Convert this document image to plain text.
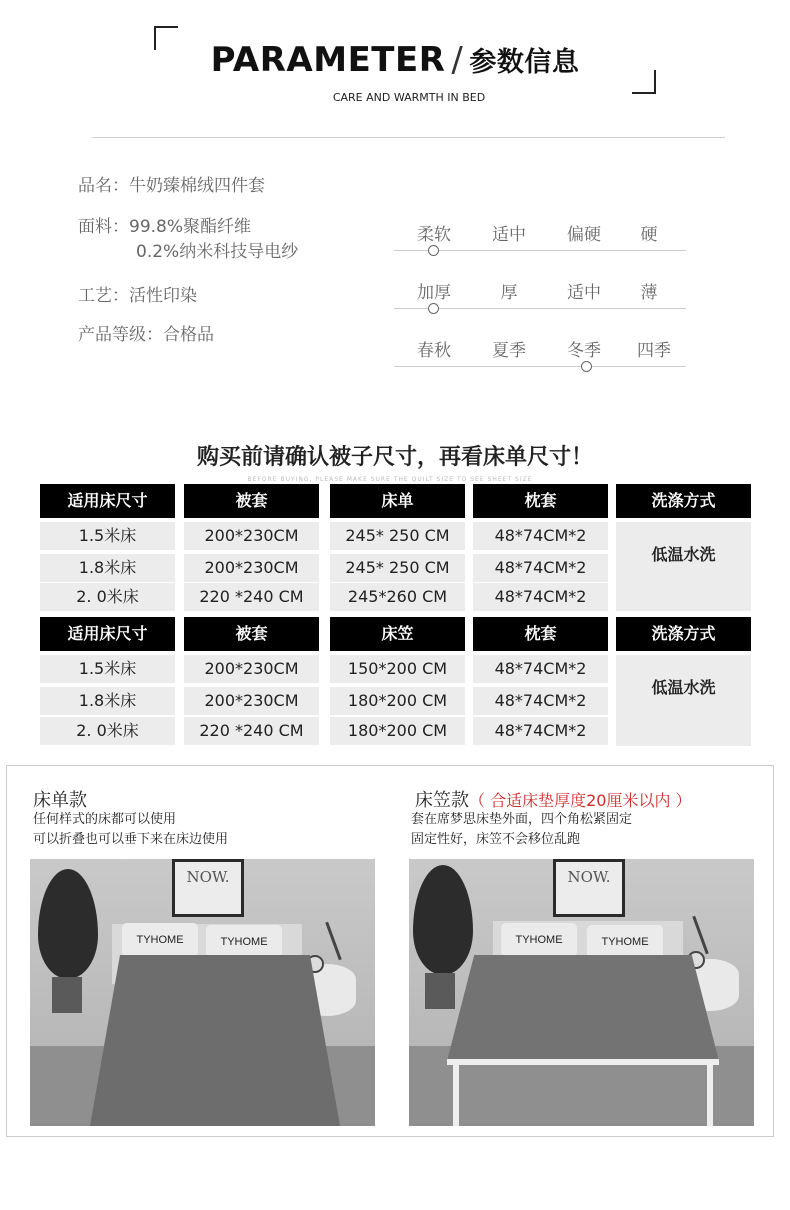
PARAMETER / 参数信息
CARE AND WARMTH IN BED
品名：牛奶臻棉绒四件套
面料：99.8%聚酯纤维
0.2%纳米科技导电纱
工艺：活性印染
产品等级：合格品
柔软	适中	偏硬	硬
加厚	厚	适中	薄
春秋	夏季	冬季	四季
购买前请确认被子尺寸，再看床单尺寸！
BEFORE BUYING, PLEASE MAKE SURE THE QUILT SIZE TO SEE SHEET SIZE
适用床尺寸	被套	床单	枕套	洗涤方式
1.5米床	200*230CM	245* 250 CM	48*74CM*2
1.8米床	200*230CM	245* 250 CM	48*74CM*2
2. 0米床	220 *240 CM	245*260 CM	48*74CM*2
低温水洗
适用床尺寸	被套	床笠	枕套	洗涤方式
1.5米床	200*230CM	150*200 CM	48*74CM*2
1.8米床	200*230CM	180*200 CM	48*74CM*2
2. 0米床	220 *240 CM	180*200 CM	48*74CM*2
低温水洗
床单款
任何样式的床都可以使用
可以折叠也可以垂下来在床边使用
NOW.
TYHOME	TYHOME
床笠款（ 合适床垫厚度20厘米以内 ）
套在席梦思床垫外面，四个角松紧固定
固定性好，床笠不会移位乱跑
NOW.
TYHOME	TYHOME
